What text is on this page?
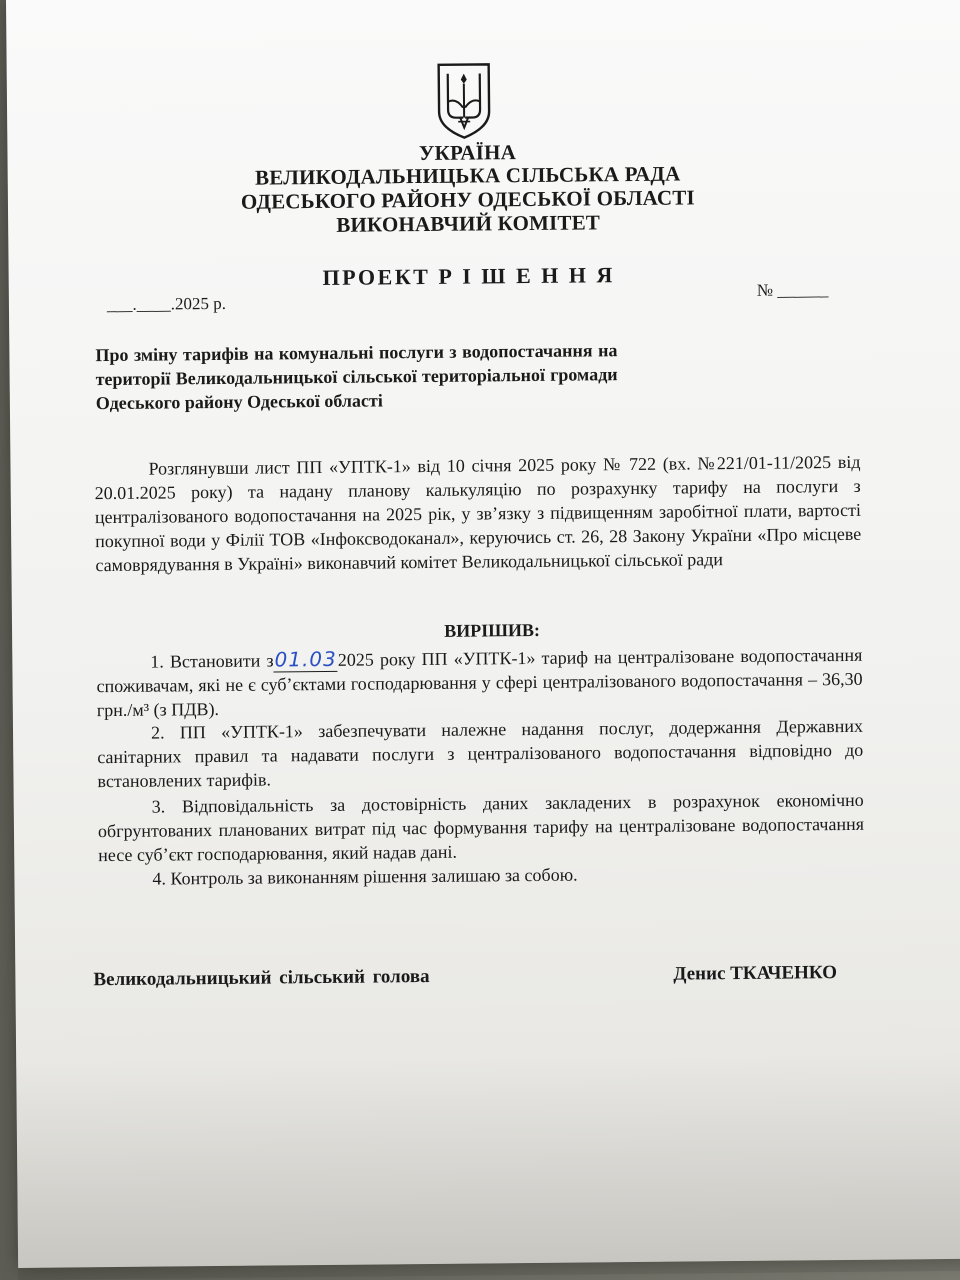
УКРАЇНА
ВЕЛИКОДАЛЬНИЦЬКА СІЛЬСЬКА РАДА
ОДЕСЬКОГО РАЙОНУ ОДЕСЬКОЇ ОБЛАСТІ
ВИКОНАВЧИЙ КОМІТЕТ
ПРОЕКТ Р І Ш Е Н Н Я
___.____.2025 р.
№ ______
Про зміну тарифів на комунальні послуги з водопостачання на території Великодальницької сільської територіальної громади Одеського району Одеської області
Розглянувши лист ПП «УПТК-1» від 10 січня 2025 року № 722 (вх. №221/01-11/2025 від 20.01.2025 року) та надану планову калькуляцію по розрахунку тарифу на послуги з централізованого водопостачання на 2025 рік, у зв’язку з підвищенням заробітної плати, вартості покупної води у Філії ТОВ «Інфоксводоканал», керуючись ст. 26, 28 Закону України «Про місцеве самоврядування в Україні» виконавчий комітет Великодальницької сільської ради
ВИРІШИВ:
1. Встановити з01.032025 року ПП «УПТК-1» тариф на централізоване водопостачання споживачам, які не є суб’єктами господарювання у сфері централізованого водопостачання – 36,30 грн./м³ (з ПДВ).
2. ПП «УПТК-1» забезпечувати належне надання послуг, додержання Державних санітарних правил та надавати послуги з централізованого водопостачання відповідно до встановлених тарифів.
3. Відповідальність за достовірність даних закладених в розрахунок економічно обгрунтованих планованих витрат під час формування тарифу на централізоване водопостачання несе суб’єкт господарювання, який надав дані.
4. Контроль за виконанням рішення залишаю за собою.
Великодальницький сільський голова	Денис ТКАЧЕНКО
